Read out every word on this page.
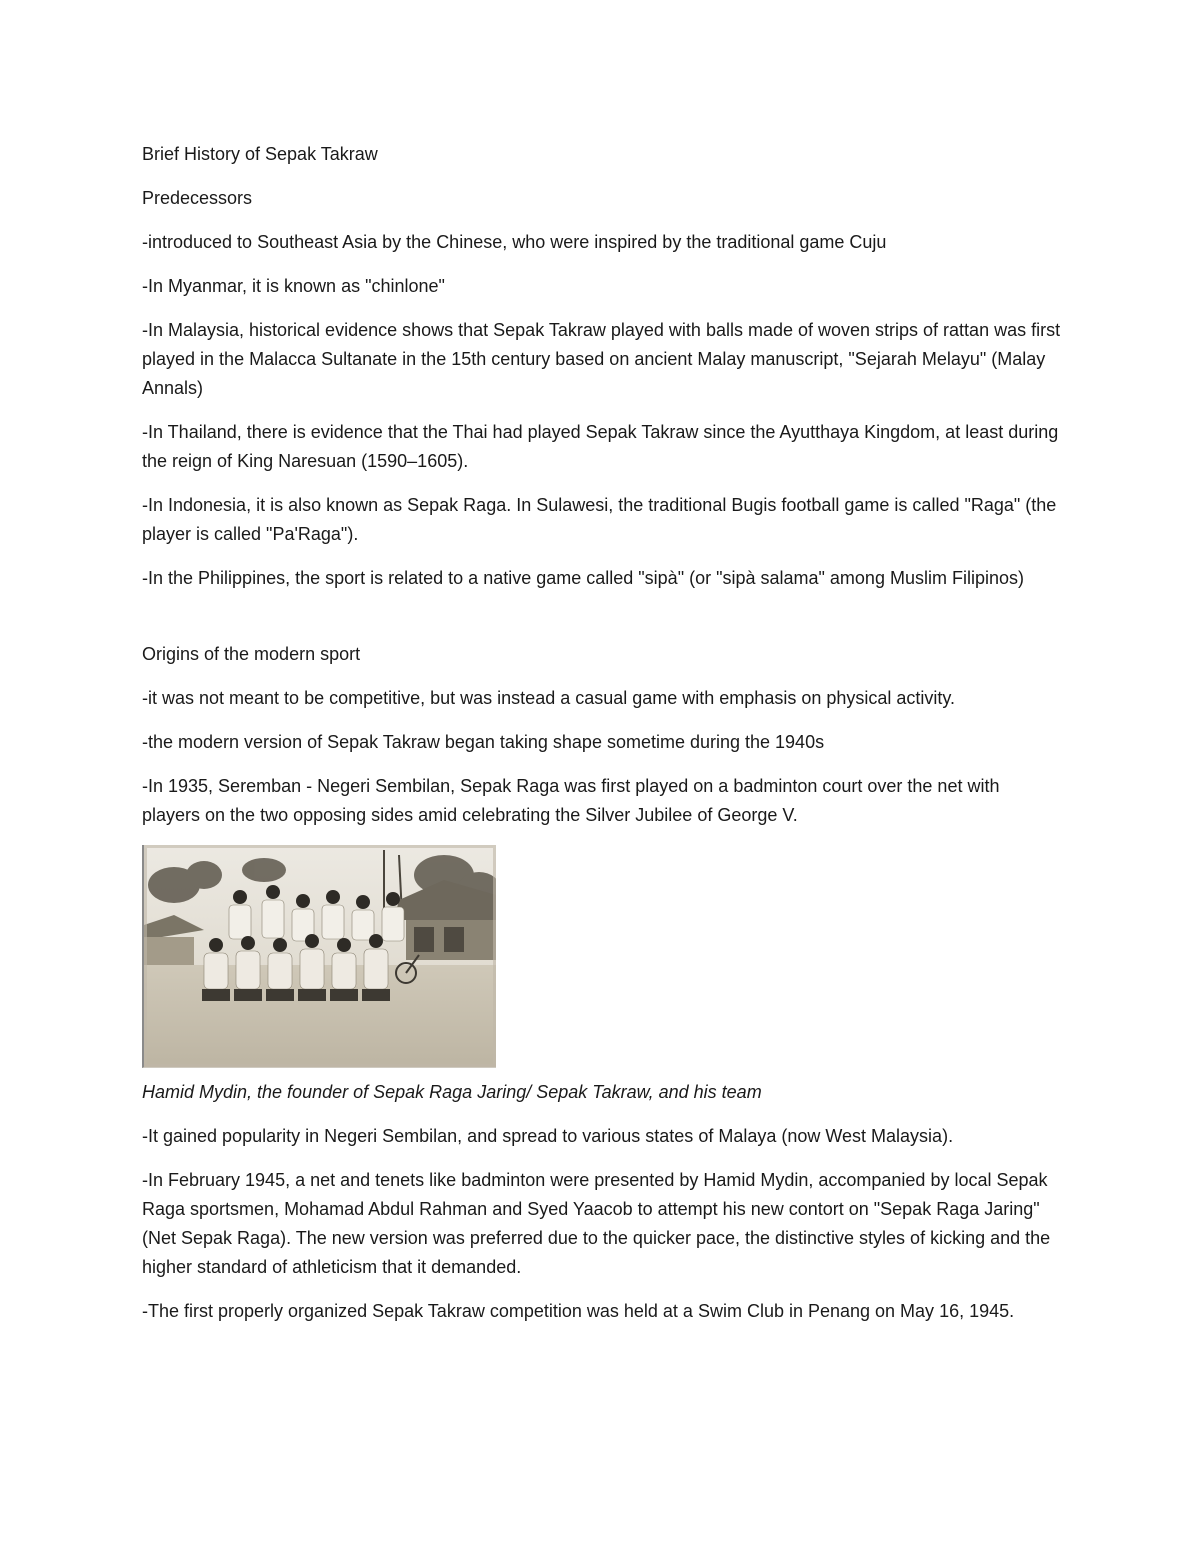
Brief History of Sepak Takraw

Predecessors

-introduced to Southeast Asia by the Chinese, who were inspired by the traditional game Cuju

-In Myanmar, it is known as "chinlone"

-In Malaysia, historical evidence shows that Sepak Takraw played with balls made of woven strips of rattan was first played in the Malacca Sultanate in the 15th century based on ancient Malay manuscript, "Sejarah Melayu" (Malay Annals)

-In Thailand, there is evidence that the Thai had played Sepak Takraw since the Ayutthaya Kingdom, at least during the reign of King Naresuan (1590–1605).

-In Indonesia, it is also known as Sepak Raga. In Sulawesi, the traditional Bugis football game is called "Raga" (the player is called "Pa'Raga").

-In the Philippines, the sport is related to a native game called "sipà" (or "sipà salama" among Muslim Filipinos)

Origins of the modern sport

-it was not meant to be competitive, but was instead a casual game with emphasis on physical activity.

-the modern version of Sepak Takraw began taking shape sometime during the 1940s

-In 1935, Seremban - Negeri Sembilan, Sepak Raga was first played on a badminton court over the net with players on the two opposing sides amid celebrating the Silver Jubilee of George V.

Hamid Mydin, the founder of Sepak Raga Jaring/ Sepak Takraw, and his team

-It gained popularity in Negeri Sembilan, and spread to various states of Malaya (now West Malaysia).

-In February 1945, a net and tenets like badminton were presented by Hamid Mydin, accompanied by local Sepak Raga sportsmen, Mohamad Abdul Rahman and Syed Yaacob to attempt his new contort on "Sepak Raga Jaring" (Net Sepak Raga). The new version was preferred due to the quicker pace, the distinctive styles of kicking and the higher standard of athleticism that it demanded.

-The first properly organized Sepak Takraw competition was held at a Swim Club in Penang on May 16, 1945.
